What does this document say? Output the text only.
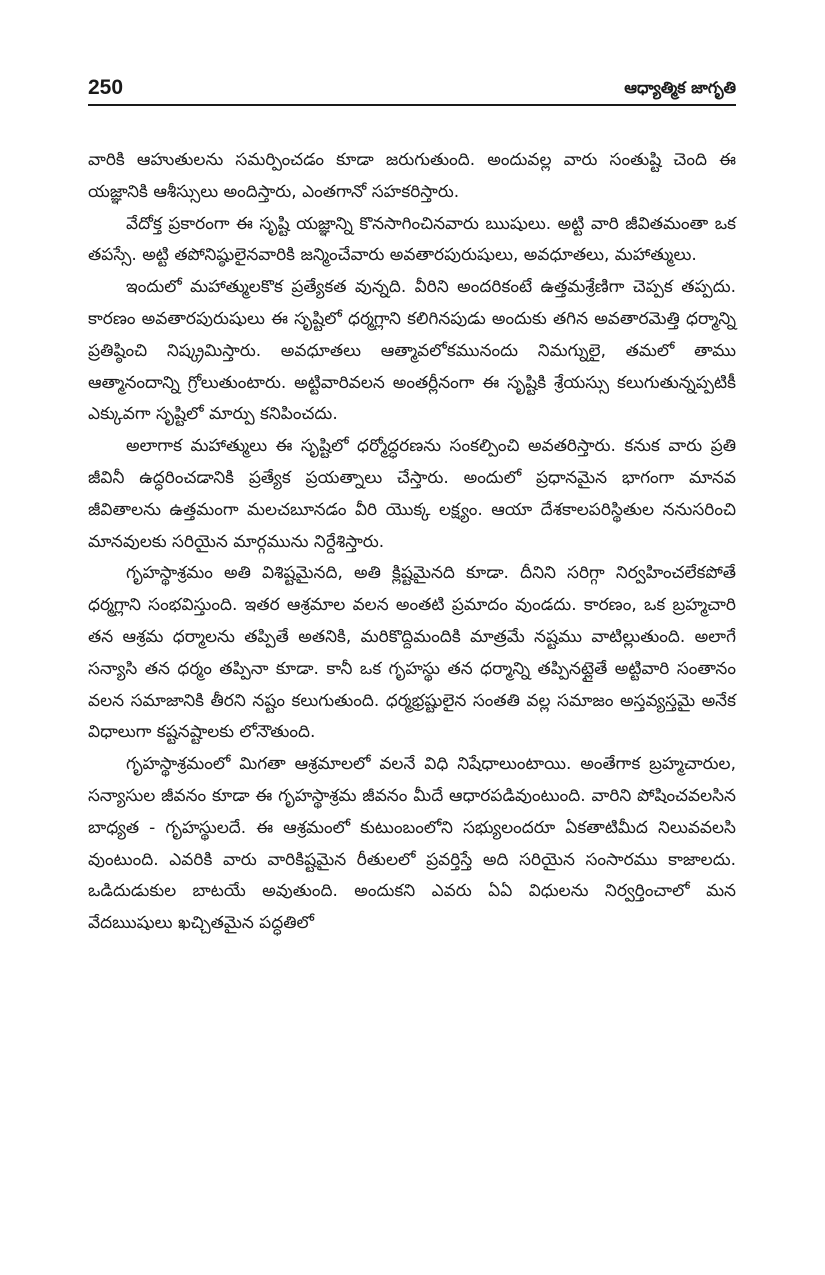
250	ఆధ్యాత్మిక జాగృతి

వారికి ఆహుతులను సమర్పించడం కూడా జరుగుతుంది. అందువల్ల వారు సంతుష్టి చెంది ఈ యజ్ఞానికి ఆశీస్సులు అందిస్తారు, ఎంతగానో సహకరిస్తారు.

వేదోక్త ప్రకారంగా ఈ సృష్టి యజ్ఞాన్ని కొనసాగించినవారు ఋషులు. అట్టి వారి జీవితమంతా ఒక తపస్సే. అట్టి తపోనిష్ఠులైనవారికి జన్మించేవారు అవతారపురుషులు, అవధూతలు, మహాత్ములు.

ఇందులో మహాత్ములకొక ప్రత్యేకత వున్నది. వీరిని అందరికంటే ఉత్తమశ్రేణిగా చెప్పక తప్పదు. కారణం అవతారపురుషులు ఈ సృష్టిలో ధర్మగ్లాని కలిగినపుడు అందుకు తగిన అవతారమెత్తి ధర్మాన్ని ప్రతిష్ఠించి నిష్క్రమిస్తారు. అవధూతలు ఆత్మావలోకమునందు నిమగ్నులై, తమలో తాము ఆత్మానందాన్ని గ్రోలుతుంటారు. అట్టివారివలన అంతర్లీనంగా ఈ సృష్టికి శ్రేయస్సు కలుగుతున్నప్పటికీ ఎక్కువగా సృష్టిలో మార్పు కనిపించదు.

అలాగాక మహాత్ములు ఈ సృష్టిలో ధర్మోద్ధరణను సంకల్పించి అవతరిస్తారు. కనుక వారు ప్రతి జీవినీ ఉద్ధరించడానికి ప్రత్యేక ప్రయత్నాలు చేస్తారు. అందులో ప్రధానమైన భాగంగా మానవ జీవితాలను ఉత్తమంగా మలచబూనడం వీరి యొక్క లక్ష్యం. ఆయా దేశకాలపరిస్థితుల ననుసరించి మానవులకు సరియైన మార్గమును నిర్దేశిస్తారు.

గృహస్థాశ్రమం అతి విశిష్టమైనది, అతి క్లిష్టమైనది కూడా. దీనిని సరిగ్గా నిర్వహించలేకపోతే ధర్మగ్లాని సంభవిస్తుంది. ఇతర ఆశ్రమాల వలన అంతటి ప్రమాదం వుండదు. కారణం, ఒక బ్రహ్మచారి తన ఆశ్రమ ధర్మాలను తప్పితే అతనికి, మరికొద్దిమందికి మాత్రమే నష్టము వాటిల్లుతుంది. అలాగే సన్యాసి తన ధర్మం తప్పినా కూడా. కానీ ఒక గృహస్థు తన ధర్మాన్ని తప్పినట్లైతే అట్టివారి సంతానం వలన సమాజానికి తీరని నష్టం కలుగుతుంది. ధర్మభ్రష్టులైన సంతతి వల్ల సమాజం అస్తవ్యస్తమై అనేక విధాలుగా కష్టనష్టాలకు లోనౌతుంది.

గృహస్థాశ్రమంలో మిగతా ఆశ్రమాలలో వలనే విధి నిషేధాలుంటాయి. అంతేగాక బ్రహ్మచారుల, సన్యాసుల జీవనం కూడా ఈ గృహస్థాశ్రమ జీవనం మీదే ఆధారపడివుంటుంది. వారిని పోషించవలసిన బాధ్యత - గృహస్థులదే. ఈ ఆశ్రమంలో కుటుంబంలోని సభ్యులందరూ ఏకతాటిమీద నిలువవలసి వుంటుంది. ఎవరికి వారు వారికిష్టమైన రీతులలో ప్రవర్తిస్తే అది సరియైన సంసారము కాజాలదు. ఒడిదుడుకుల బాటయే అవుతుంది. అందుకని ఎవరు ఏఏ విధులను నిర్వర్తించాలో మన వేదఋషులు ఖచ్చితమైన పద్ధతిలో
